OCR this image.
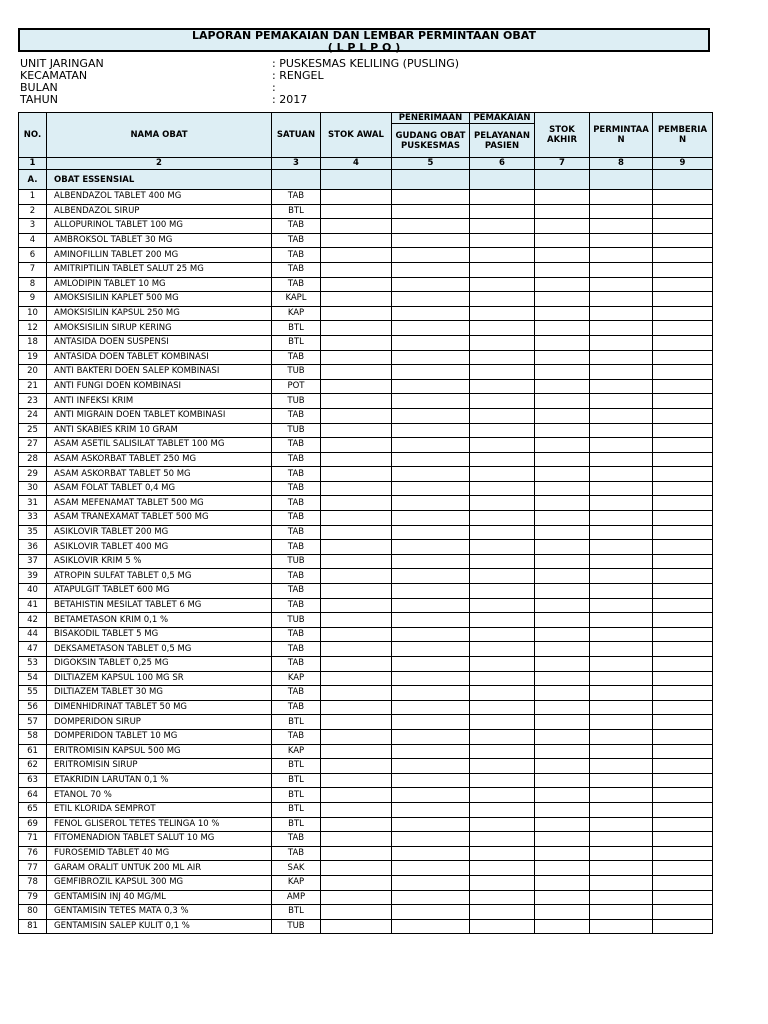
LAPORAN PEMAKAIAN DAN LEMBAR PERMINTAAN OBAT
( L P L P O )
UNIT JARINGAN	: PUSKESMAS KELILING (PUSLING)
KECAMATAN	: RENGEL
BULAN	:
TAHUN	: 2017
NO.	NAMA OBAT	SATUAN	STOK AWAL	PENERIMAAN	PEMAKAIAN	STOK AKHIR	PERMINTAA N	PEMBERIA N
				GUDANG OBAT PUSKESMAS	PELAYANAN PASIEN			
1	2	3	4	5	6	7	8	9
A.	OBAT ESSENSIAL							
1	ALBENDAZOL TABLET 400 MG	TAB						
2	ALBENDAZOL SIRUP	BTL						
3	ALLOPURINOL TABLET 100 MG	TAB						
4	AMBROKSOL TABLET 30 MG	TAB						
6	AMINOFILLIN TABLET 200 MG	TAB						
7	AMITRIPTILIN TABLET SALUT 25 MG	TAB						
8	AMLODIPIN TABLET 10 MG	TAB						
9	AMOKSISILIN KAPLET 500 MG	KAPL						
10	AMOKSISILIN KAPSUL 250 MG	KAP						
12	AMOKSISILIN SIRUP KERING	BTL						
18	ANTASIDA DOEN SUSPENSI	BTL						
19	ANTASIDA DOEN TABLET KOMBINASI	TAB						
20	ANTI BAKTERI DOEN SALEP KOMBINASI	TUB						
21	ANTI FUNGI DOEN KOMBINASI	POT						
23	ANTI INFEKSI KRIM	TUB						
24	ANTI MIGRAIN DOEN TABLET KOMBINASI	TAB						
25	ANTI SKABIES KRIM 10 GRAM	TUB						
27	ASAM ASETIL SALISILAT TABLET 100 MG	TAB						
28	ASAM ASKORBAT TABLET 250 MG	TAB						
29	ASAM ASKORBAT TABLET 50 MG	TAB						
30	ASAM FOLAT TABLET 0,4 MG	TAB						
31	ASAM MEFENAMAT TABLET 500 MG	TAB						
33	ASAM TRANEXAMAT TABLET 500 MG	TAB						
35	ASIKLOVIR TABLET 200 MG	TAB						
36	ASIKLOVIR TABLET 400 MG	TAB						
37	ASIKLOVIR KRIM 5 %	TUB						
39	ATROPIN SULFAT TABLET 0,5 MG	TAB						
40	ATAPULGIT TABLET 600 MG	TAB						
41	BETAHISTIN MESILAT TABLET 6 MG	TAB						
42	BETAMETASON KRIM 0,1 %	TUB						
44	BISAKODIL TABLET 5 MG	TAB						
47	DEKSAMETASON TABLET 0,5 MG	TAB						
53	DIGOKSIN TABLET 0,25 MG	TAB						
54	DILTIAZEM KAPSUL 100 MG SR	KAP						
55	DILTIAZEM TABLET 30 MG	TAB						
56	DIMENHIDRINAT TABLET 50 MG	TAB						
57	DOMPERIDON SIRUP	BTL						
58	DOMPERIDON TABLET 10 MG	TAB						
61	ERITROMISIN KAPSUL 500 MG	KAP						
62	ERITROMISIN SIRUP	BTL						
63	ETAKRIDIN LARUTAN 0,1 %	BTL						
64	ETANOL 70 %	BTL						
65	ETIL KLORIDA SEMPROT	BTL						
69	FENOL GLISEROL TETES TELINGA 10 %	BTL						
71	FITOMENADION TABLET SALUT 10 MG	TAB						
76	FUROSEMID TABLET 40 MG	TAB						
77	GARAM ORALIT UNTUK 200 ML AIR	SAK						
78	GEMFIBROZIL KAPSUL 300 MG	KAP						
79	GENTAMISIN INJ 40 MG/ML	AMP						
80	GENTAMISIN TETES MATA 0,3 %	BTL						
81	GENTAMISIN SALEP KULIT 0,1 %	TUB						
